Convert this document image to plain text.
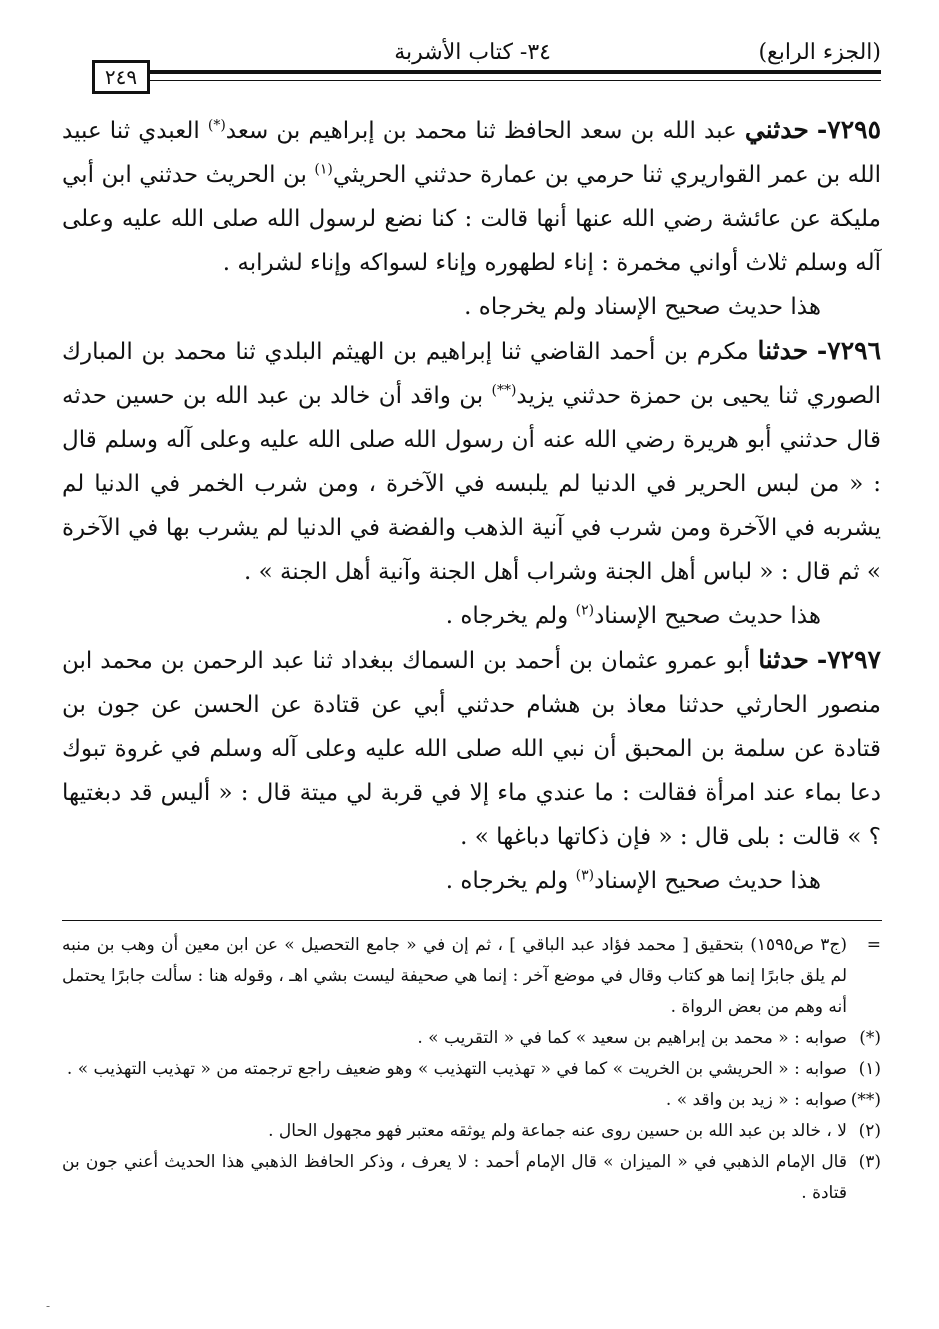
(الجزء الرابع)
٣٤- كتاب الأشربة
٢٤٩

٧٢٩٥- حدثني عبد الله بن سعد الحافظ ثنا محمد بن إبراهيم بن سعد(*) العبدي ثنا عبيد الله بن عمر القواريري ثنا حرمي بن عمارة حدثني الحريثي$^{(١)}$ بن الحريث حدثني ابن أبي مليكة عن عائشة رضي الله عنها أنها قالت : كنا نضع لرسول الله صلى الله عليه وعلى آله وسلم ثلاث أواني مخمرة : إناء لطهوره وإناء لسواكه وإناء لشرابه .

هذا حديث صحيح الإسناد ولم يخرجاه .

٧٢٩٦- حدثنا مكرم بن أحمد القاضي ثنا إبراهيم بن الهيثم البلدي ثنا محمد بن المبارك الصوري ثنا يحيى بن حمزة حدثني يزيد(**) بن واقد أن خالد بن عبد الله بن حسين حدثه قال حدثني أبو هريرة رضي الله عنه أن رسول الله صلى الله عليه وعلى آله وسلم قال : « من لبس الحرير في الدنيا لم يلبسه في الآخرة ، ومن شرب الخمر في الدنيا لم يشربه في الآخرة ومن شرب في آنية الذهب والفضة في الدنيا لم يشرب بها في الآخرة » ثم قال : « لباس أهل الجنة وشراب أهل الجنة وآنية أهل الجنة » .

هذا حديث صحيح الإسناد$^{(٢)}$ ولم يخرجاه .

٧٢٩٧- حدثنا أبو عمرو عثمان بن أحمد بن السماك ببغداد ثنا عبد الرحمن بن محمد ابن منصور الحارثي حدثنا معاذ بن هشام حدثني أبي عن قتادة عن الحسن عن جون بن قتادة عن سلمة بن المحبق أن نبي الله صلى الله عليه وعلى آله وسلم في غروة تبوك دعا بماء عند امرأة فقالت : ما عندي ماء إلا في قربة لي ميتة قال : « أليس قد دبغتيها ؟ » قالت : بلى قال : « فإن ذكاتها دباغها » .

هذا حديث صحيح الإسناد$^{(٣)}$ ولم يخرجاه .

=
(ج٣ ص١٥٩٥) بتحقيق [ محمد فؤاد عبد الباقي ] ، ثم إن في « جامع التحصيل » عن ابن معين أن وهب بن منبه لم يلق جابرًا إنما هو كتاب وقال في موضع آخر : إنما هي صحيفة ليست بشي اهـ ، وقوله هنا : سألت جابرًا يحتمل أنه وهم من بعض الرواة .

(*)
صوابه : « محمد بن إبراهيم بن سعيد » كما في « التقريب » .

(١)
صوابه : « الحريشي بن الخريت » كما في « تهذيب التهذيب » وهو ضعيف راجع ترجمته من « تهذيب التهذيب » .

(**)
صوابه : « زيد بن واقد » .

(٢)
لا ، خالد بن عبد الله بن حسين روى عنه جماعة ولم يوثقه معتبر فهو مجهول الحال .

(٣)
قال الإمام الذهبي في « الميزان » قال الإمام أحمد : لا يعرف ، وذكر الحافظ الذهبي هذا الحديث أعني جون بن قتادة .

-
